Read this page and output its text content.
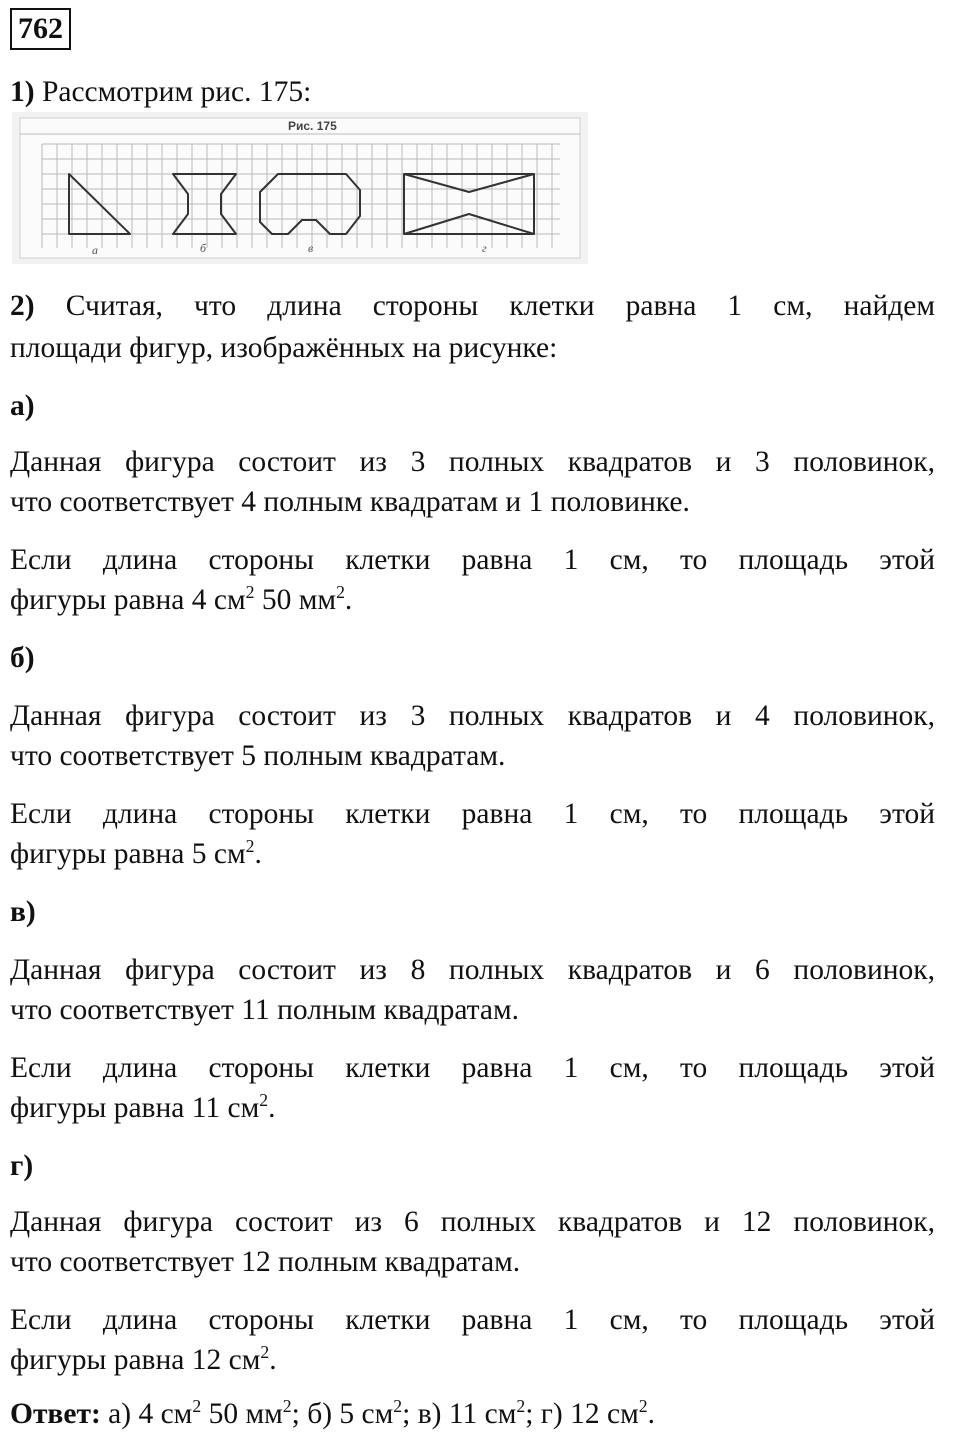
762
1) Рассмотрим рис. 175:
Рис. 175
а	б	в	г
2) Считая, что длина стороны клетки равна 1 см, найдем
площади фигур, изображённых на рисунке:
а)
Данная фигура состоит из 3 полных квадратов и 3 половинок,
что соответствует 4 полным квадратам и 1 половинке.
Если длина стороны клетки равна 1 см, то площадь этой
фигуры равна 4 $см^2$ 50 $мм^2$.
б)
Данная фигура состоит из 3 полных квадратов и 4 половинок,
что соответствует 5 полным квадратам.
Если длина стороны клетки равна 1 см, то площадь этой
фигуры равна 5 $см^2$.
в)
Данная фигура состоит из 8 полных квадратов и 6 половинок,
что соответствует 11 полным квадратам.
Если длина стороны клетки равна 1 см, то площадь этой
фигуры равна 11 $см^2$.
г)
Данная фигура состоит из 6 полных квадратов и 12 половинок,
что соответствует 12 полным квадратам.
Если длина стороны клетки равна 1 см, то площадь этой
фигуры равна 12 $см^2$.
Ответ: а) 4 $см^2$ 50 $мм^2$; б) 5 $см^2$; в) 11 $см^2$; г) 12 $см^2$.
